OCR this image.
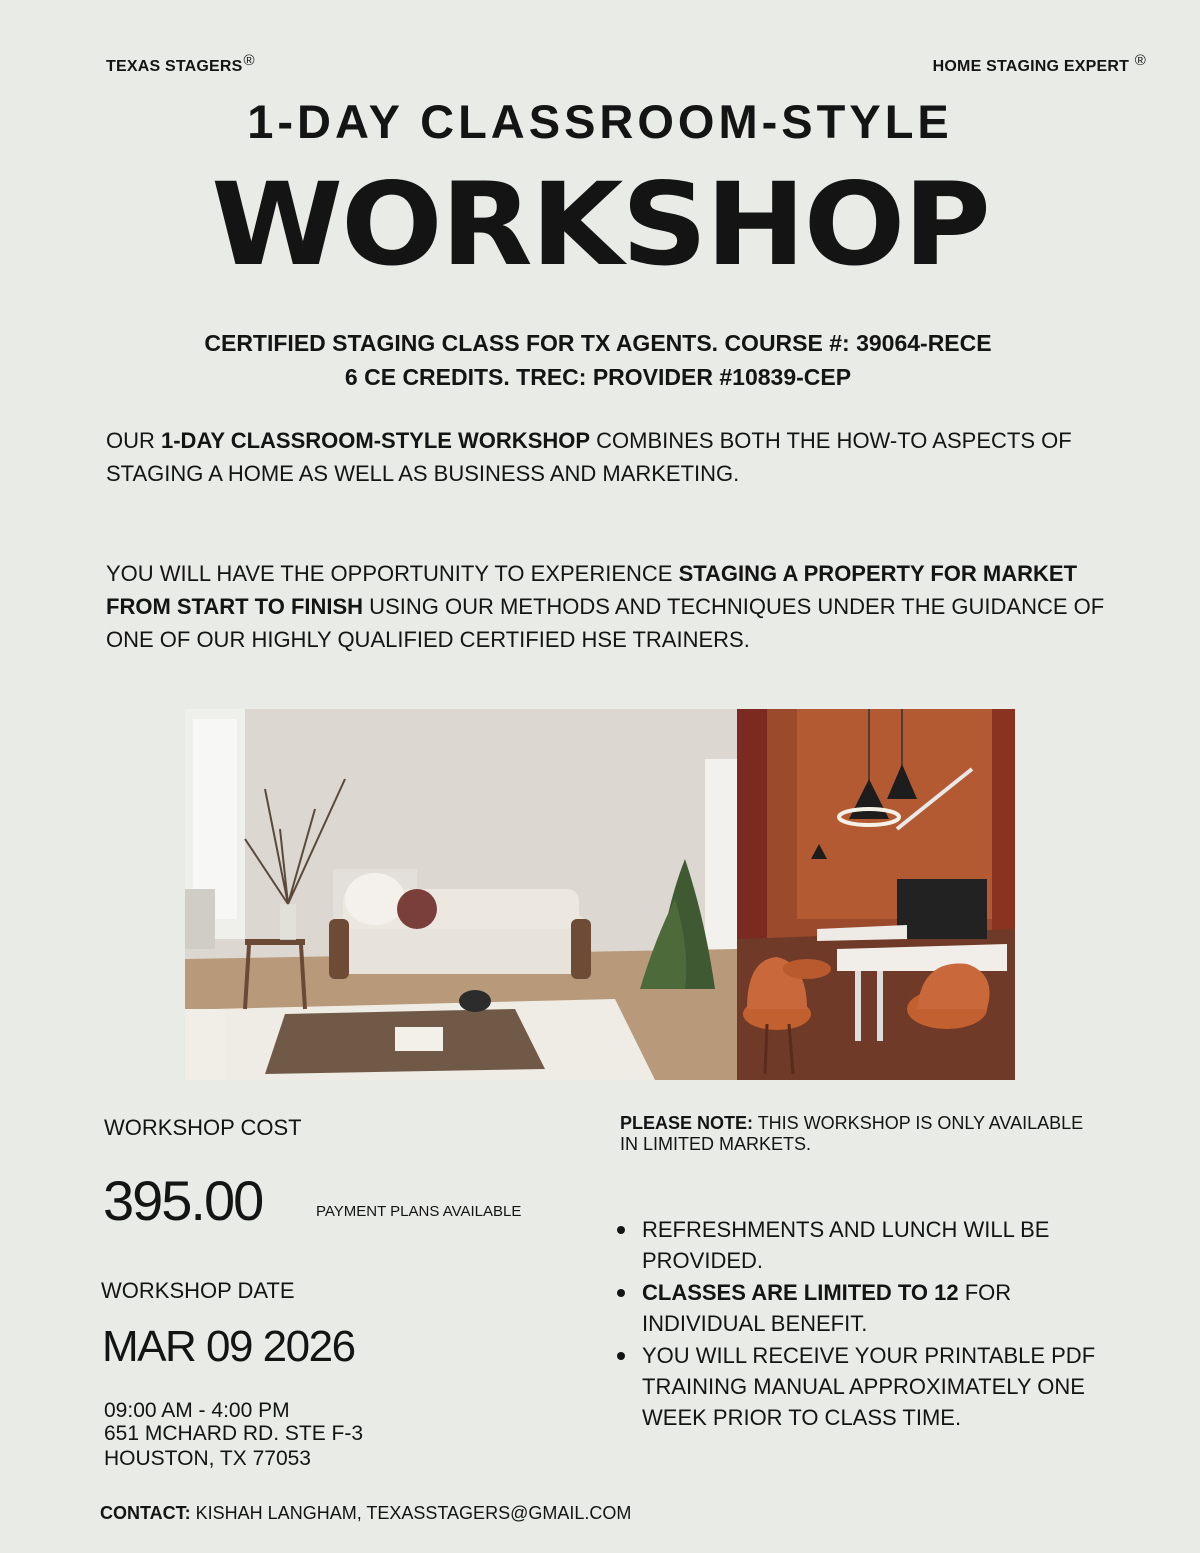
TEXAS STAGERS®	HOME STAGING EXPERT ®
1-DAY CLASSROOM-STYLE
WORKSHOP
CERTIFIED STAGING CLASS FOR TX AGENTS. COURSE #: 39064-RECE
6 CE CREDITS. TREC: PROVIDER #10839-CEP
OUR 1-DAY CLASSROOM-STYLE WORKSHOP COMBINES BOTH THE HOW-TO ASPECTS OF STAGING A HOME AS WELL AS BUSINESS AND MARKETING.
YOU WILL HAVE THE OPPORTUNITY TO EXPERIENCE STAGING A PROPERTY FOR MARKET FROM START TO FINISH USING OUR METHODS AND TECHNIQUES UNDER THE GUIDANCE OF ONE OF OUR HIGHLY QUALIFIED CERTIFIED HSE TRAINERS.
WORKSHOP COST
395.00	PAYMENT PLANS AVAILABLE
WORKSHOP DATE
MAR 09 2026
09:00 AM - 4:00 PM
651 MCHARD RD. STE F-3
HOUSTON, TX 77053
PLEASE NOTE: THIS WORKSHOP IS ONLY AVAILABLE IN LIMITED MARKETS.
REFRESHMENTS AND LUNCH WILL BE PROVIDED.
CLASSES ARE LIMITED TO 12 FOR INDIVIDUAL BENEFIT.
YOU WILL RECEIVE YOUR PRINTABLE PDF TRAINING MANUAL APPROXIMATELY ONE WEEK PRIOR TO CLASS TIME.
CONTACT: KISHAH LANGHAM, TEXASSTAGERS@GMAIL.COM
